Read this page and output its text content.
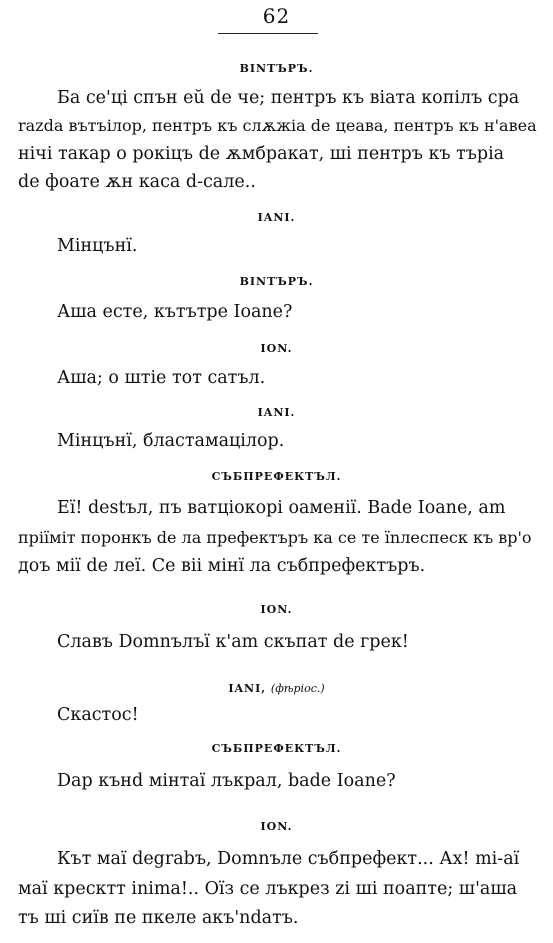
62
ВІNТЪРЪ.
Ба се'ці спън еŭ de че; пентръ къ віата копілъ сра
razda вътъілор, пентръ къ слѫжіа de цеава, пентръ къ н'авеа
нічі такар о рокіцъ de ѫмбракат, ші пентръ къ търіа
de фоате ѫн каса d-сале..
IANI.
Мінцънї.
ВІNТЪРЪ.
Аша есте, кътътре Ioane?
ION.
Аша; о штіе тот сатъл.
IANI.
Мінцънї, бластамацілор.
СЪБПРЕФЕКТЪЛ.
Еї! destъл, пъ ватціокорі оаменії. Bade Ioane, am
пріїміт поронкъ de ла префектъръ ка се те їnлеспеск къ вр'о
доъ мії de леї. Се віі мінї ла събпрефектъръ.
ION.
Славъ Domnълъї к'am скъпат de грек!
IANI, (фѣріос.)
Скастос!
СЪБПРЕФЕКТЪЛ.
Dap кънd мінтаї лъкрал, bade Ioane?
ION.
Кът маї degrabъ, Domnъле събпрефект... Ах! mi-аї
маї кресктт inima!.. Оїз се лъкрез zi ші поапте; ш'аша
тъ ші сиїв пе пкеле акъ'ndатъ.
